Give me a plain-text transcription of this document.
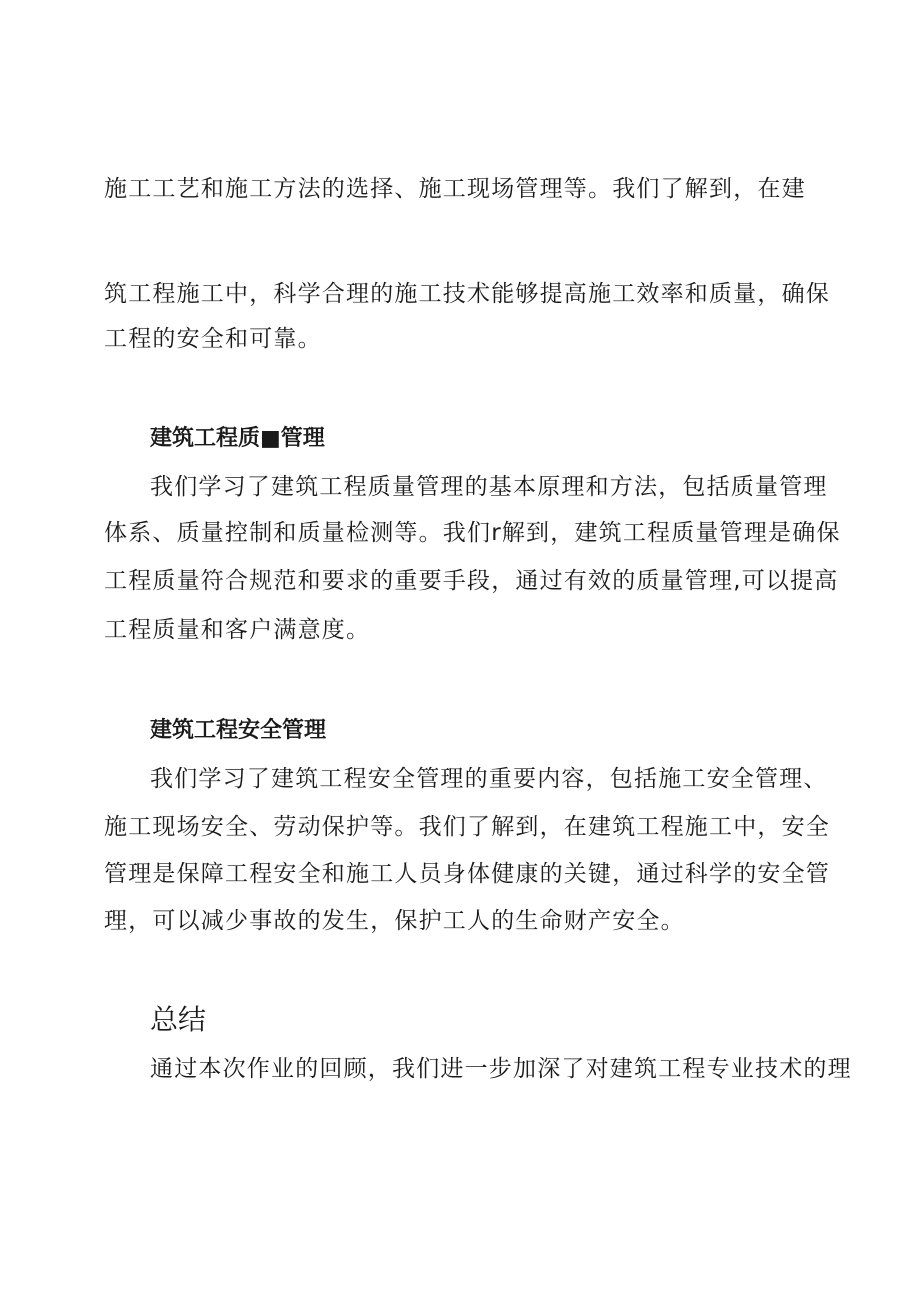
施工工艺和施工方法的选择、施工现场管理等。我们了解到，在建

筑工程施工中，科学合理的施工技术能够提高施工效率和质量，确保

工程的安全和可靠。

建筑工程质■管理

我们学习了建筑工程质量管理的基本原理和方法，包括质量管理

体系、质量控制和质量检测等。我们r解到，建筑工程质量管理是确保

工程质量符合规范和要求的重要手段，通过有效的质量管理,可以提高

工程质量和客户满意度。

建筑工程安全管理

我们学习了建筑工程安全管理的重要内容，包括施工安全管理、

施工现场安全、劳动保护等。我们了解到，在建筑工程施工中，安全

管理是保障工程安全和施工人员身体健康的关键，通过科学的安全管

理，可以减少事故的发生，保护工人的生命财产安全。

总结

通过本次作业的回顾，我们进一步加深了对建筑工程专业技术的理
